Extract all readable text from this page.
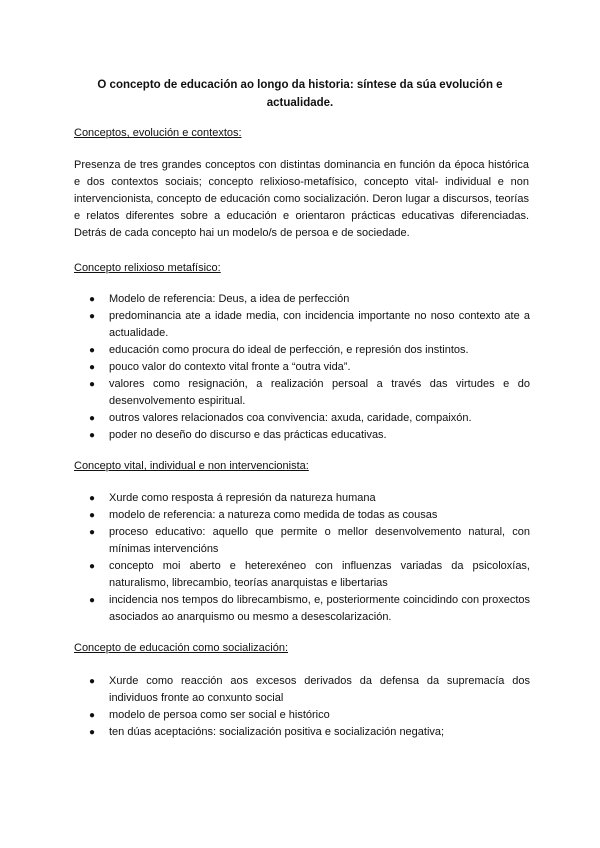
O concepto de educación ao longo da historia: síntese da súa evolución e actualidade.
Conceptos, evolución e contextos:
Presenza de tres grandes conceptos con distintas dominancia en función da época histórica e dos contextos sociais; concepto relixioso-metafísico, concepto vital- individual e non intervencionista, concepto de educación como socialización. Deron lugar a discursos, teorías e relatos diferentes sobre a educación e orientaron prácticas educativas diferenciadas. Detrás de cada concepto hai un modelo/s de persoa e de sociedade.
Concepto relixioso metafísico:
● Modelo de referencia: Deus, a idea de perfección
● predominancia ate a idade media, con incidencia importante no noso contexto ate a actualidade.
● educación como procura do ideal de perfección, e represión dos instintos.
● pouco valor do contexto vital fronte a “outra vida”.
● valores como resignación, a realización persoal a través das virtudes e do desenvolvemento espiritual.
● outros valores relacionados coa convivencia: axuda, caridade, compaixón.
● poder no deseño do discurso e das prácticas educativas.
Concepto vital, individual e non intervencionista:
● Xurde como resposta á represión da natureza humana
● modelo de referencia: a natureza como medida de todas as cousas
● proceso educativo: aquello que permite o mellor desenvolvemento natural, con mínimas intervencións
● concepto moi aberto e heterexéneo con influenzas variadas da psicoloxías, naturalismo, librecambio, teorías anarquistas e libertarias
● incidencia nos tempos do librecambismo, e, posteriormente coincidindo con proxectos asociados ao anarquismo ou mesmo a desescolarización.
Concepto de educación como socialización:
● Xurde como reacción aos excesos derivados da defensa da supremacía dos individuos fronte ao conxunto social
● modelo de persoa como ser social e histórico
● ten dúas aceptacións: socialización positiva e socialización negativa;
